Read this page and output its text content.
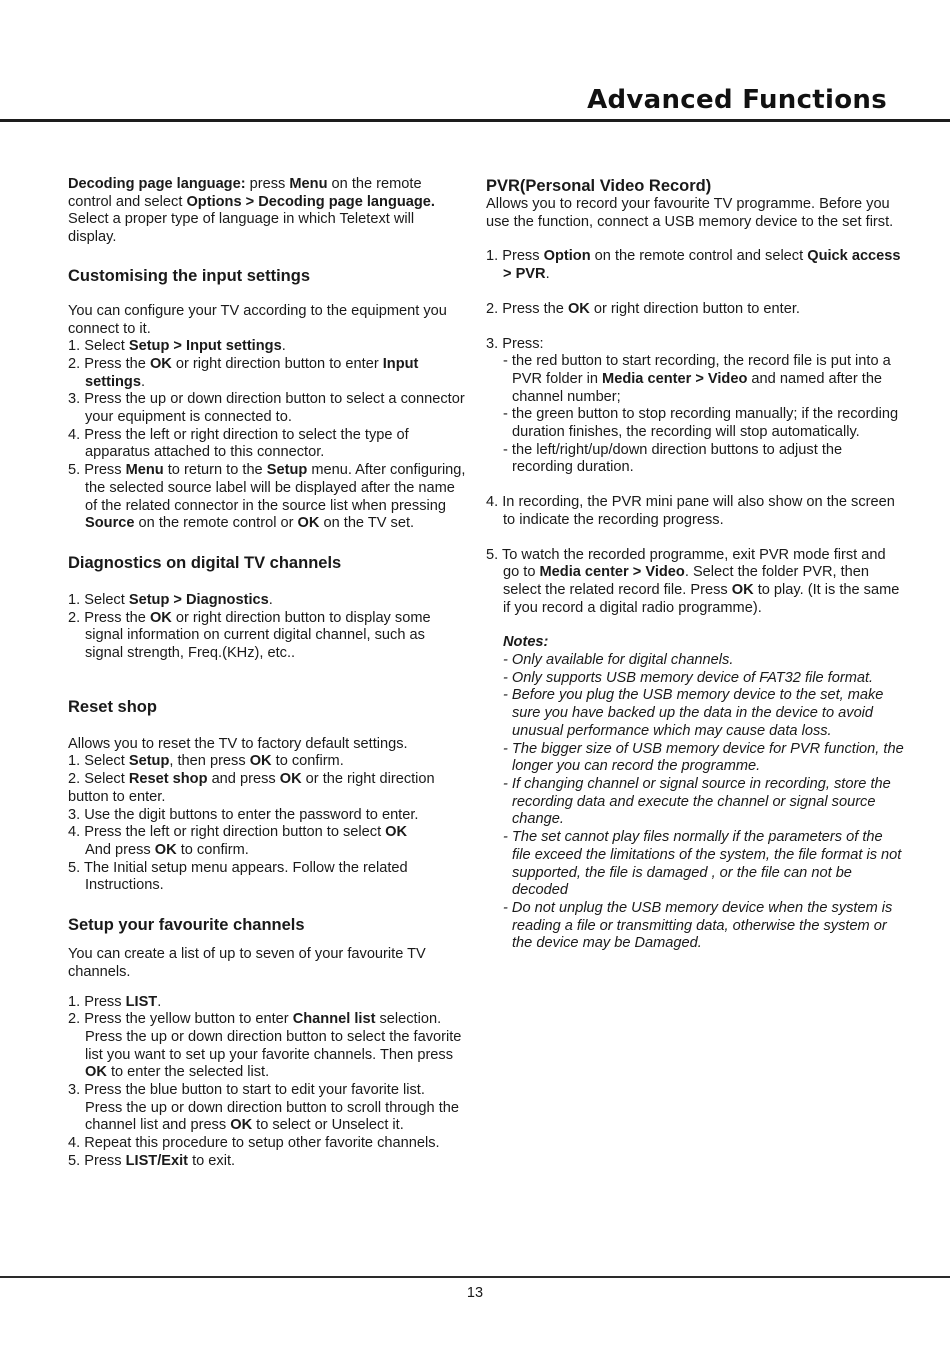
Advanced Functions

Decoding page language: press Menu on the remote control and select Options > Decoding page language. Select a proper type of language in which Teletext will display.

Customising the input settings

You can configure your TV according to the equipment you connect to it.

1. Select Setup > Input settings.

2. Press the OK or right direction button to enter Input settings.

3. Press the up or down direction button to select a connector your equipment is connected to.

4. Press the left or right direction to select the type of apparatus attached to this connector.

5. Press Menu to return to the Setup menu. After configuring, the selected source label will be displayed after the name of the related connector in the source list when pressing Source on the remote control or OK on the TV set.

Diagnostics on digital TV channels

1. Select Setup > Diagnostics.

2. Press the OK or right direction button to display some signal information on current digital channel, such as signal strength, Freq.(KHz), etc..

Reset shop

Allows you to reset the TV to factory default settings.

1. Select Setup, then press OK to confirm.

2. Select Reset shop and press OK or the right direction button to enter.

3. Use the digit buttons to enter the password to enter.

4. Press the left or right direction button to select OK

And press OK to confirm.

5. The Initial setup menu appears. Follow the related

Instructions.

Setup your favourite channels

You can create a list of up to seven of your favourite TV channels.

1. Press LIST.

2. Press the yellow button to enter Channel list selection. Press the up or down direction button to select the favorite list you want to set up your favorite channels. Then press OK to enter the selected list.

3. Press the blue button to start to edit your favorite list. Press the up or down direction button to scroll through the channel list and press OK to select or Unselect it.

4. Repeat this procedure to setup other favorite channels.

5. Press LIST/Exit to exit.

PVR(Personal Video Record)

Allows you to record your favourite TV programme. Before you use the function, connect a USB memory device to the set first.

1. Press Option on the remote control and select Quick access > PVR.

2. Press the OK or right direction button to enter.

3. Press:

- the red button to start recording, the record file is put into a PVR folder in Media center > Video and named after the channel number;

- the green button to stop recording manually; if the recording duration finishes, the recording will stop automatically.

- the left/right/up/down direction buttons to adjust the recording duration.

4. In recording, the PVR mini pane will also show on the screen to indicate the recording progress.

5. To watch the recorded programme, exit PVR mode first and go to Media center > Video. Select the folder PVR, then select the related record file. Press OK to play. (It is the same if you record a digital radio programme).

Notes:

- Only available for digital channels.

- Only supports USB memory device of FAT32 file format.

- Before you plug the USB memory device to the set, make sure you have backed up the data in the device to avoid unusual performance which may cause data loss.

- The bigger size of USB memory device for PVR function, the longer you can record the programme.

- If changing channel or signal source in recording, store the recording data and execute the channel or signal source change.

- The set cannot play files normally if the parameters of the file exceed the limitations of the system, the file format is not supported, the file is damaged , or the file can not be decoded

- Do not unplug the USB memory device when the system is reading a file or transmitting data, otherwise the system or the device may be Damaged.

13
